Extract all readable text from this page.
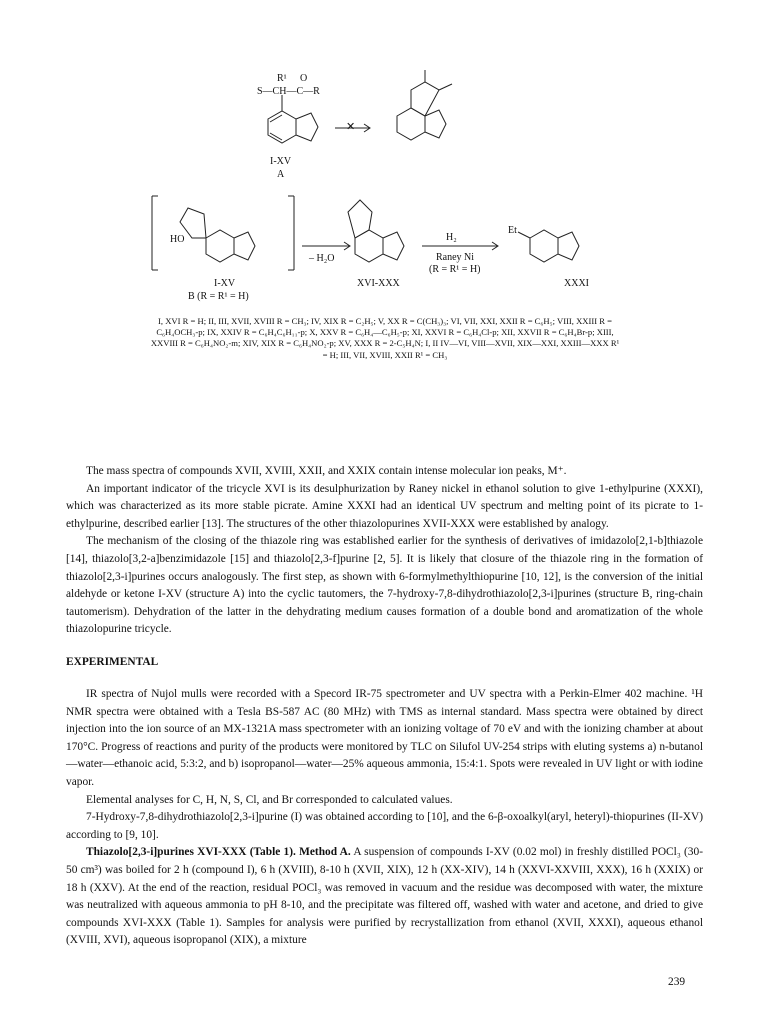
R¹ O
S—CH—C—R
✕
I-XV
A
HO
I-XV
B (R = R¹ = H)
– H₂O
XVI-XXX
H₂
Raney Ni
(R = R¹ = H)
Et
XXXI
I, XVI R = H; II, III, XVII, XVIII R = CH₃; IV, XIX R = C₂H₅; V, XX R = C(CH₃)₃; VI, VII, XXI, XXII R = C₆H₅; VIII, XXIII R = C₆H₄OCH₃-p; IX, XXIV R = C₆H₄C₆H₁₁-p; X, XXV R = C₆H₄—C₆H₅-p; XI, XXVI R = C₆H₄Cl-p; XII, XXVII R = C₆H₄Br-p; XIII, XXVIII R = C₆H₄NO₂-m; XIV, XIX R = C₆H₄NO₂-p; XV, XXX R = 2-C₅H₄N; I, II IV—VI, VIII—XVII, XIX—XXI, XXIII—XXX R¹ = H; III, VII, XVIII, XXII R¹ = CH₃

The mass spectra of compounds XVII, XVIII, XXII, and XXIX contain intense molecular ion peaks, M⁺.

An important indicator of the tricycle XVI is its desulphurization by Raney nickel in ethanol solution to give 1-ethylpurine (XXXI), which was characterized as its more stable picrate. Amine XXXI had an identical UV spectrum and melting point of its picrate to 1-ethylpurine, described earlier [13]. The structures of the other thiazolopurines XVII-XXX were established by analogy.

The mechanism of the closing of the thiazole ring was established earlier for the synthesis of derivatives of imidazolo[2,1-b]thiazole [14], thiazolo[3,2-a]benzimidazole [15] and thiazolo[2,3-f]purine [2, 5]. It is likely that closure of the thiazole ring in the formation of thiazolo[2,3-i]purines occurs analogously. The first step, as shown with 6-formylmethylthiopurine [10, 12], is the conversion of the initial aldehyde or ketone I-XV (structure A) into the cyclic tautomers, the 7-hydroxy-7,8-dihydrothiazolo[2,3-i]purines (structure B, ring-chain tautomerism). Dehydration of the latter in the dehydrating medium causes formation of a double bond and aromatization of the whole thiazolopurine tricycle.

EXPERIMENTAL

IR spectra of Nujol mulls were recorded with a Specord IR-75 spectrometer and UV spectra with a Perkin-Elmer 402 machine. ¹H NMR spectra were obtained with a Tesla BS-587 AC (80 MHz) with TMS as internal standard. Mass spectra were obtained by direct injection into the ion source of an MX-1321A mass spectrometer with an ionizing voltage of 70 eV and with the ionizing chamber at about 170°C. Progress of reactions and purity of the products were monitored by TLC on Silufol UV-254 strips with eluting systems a) n-butanol—water—ethanoic acid, 5:3:2, and b) isopropanol—water—25% aqueous ammonia, 15:4:1. Spots were revealed in UV light or with iodine vapor.

Elemental analyses for C, H, N, S, Cl, and Br corresponded to calculated values.

7-Hydroxy-7,8-dihydrothiazolo[2,3-i]purine (I) was obtained according to [10], and the 6-β-oxoalkyl(aryl, heteryl)-thiopurines (II-XV) according to [9, 10].

Thiazolo[2,3-i]purines XVI-XXX (Table 1). Method A. A suspension of compounds I-XV (0.02 mol) in freshly distilled POCl₃ (30-50 cm³) was boiled for 2 h (compound I), 6 h (XVIII), 8-10 h (XVII, XIX), 12 h (XX-XIV), 14 h (XXVI-XXVIII, XXX), 16 h (XXIX) or 18 h (XXV). At the end of the reaction, residual POCl₃ was removed in vacuum and the residue was decomposed with water, the mixture was neutralized with aqueous ammonia to pH 8-10, and the precipitate was filtered off, washed with water and acetone, and dried to give compounds XVI-XXX (Table 1). Samples for analysis were purified by recrystallization from ethanol (XVII, XXXI), aqueous ethanol (XVIII, XVI), aqueous isopropanol (XIX), a mixture

239
